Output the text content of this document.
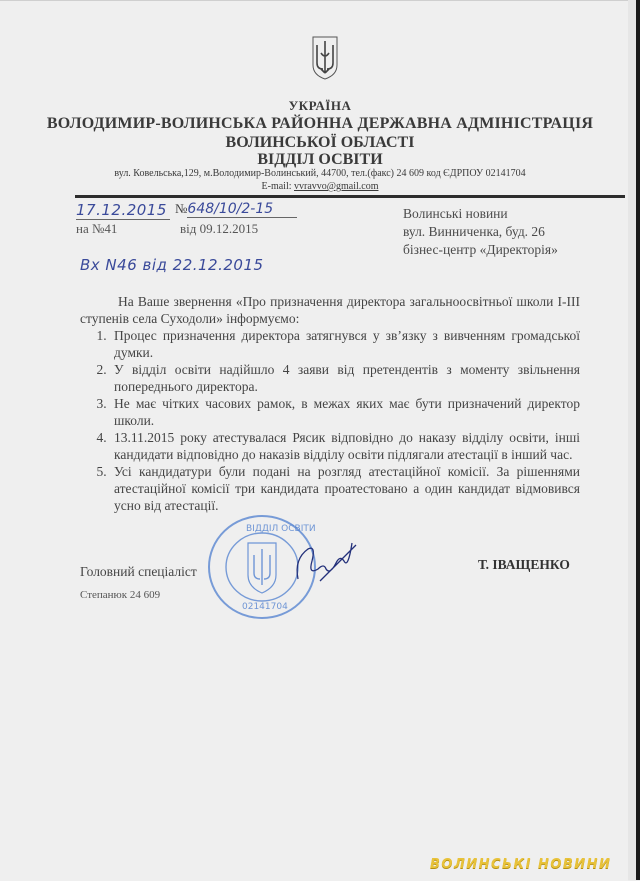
УКРАЇНА
ВОЛОДИМИР-ВОЛИНСЬКА РАЙОННА ДЕРЖАВНА АДМІНІСТРАЦІЯ
ВОЛИНСЬКОЇ ОБЛАСТІ
ВІДДІЛ ОСВІТИ
вул. Ковельська,129, м.Володимир-Волинський, 44700, тел.(факс) 24 609 код ЄДРПОУ 02141704
E-mail: vvravvo@gmail.com
17.12.2015 №648/10/2-15
на №41	від 09.12.2015
Волинські новини
вул. Винниченка, буд. 26
бізнес-центр «Директорія»
Вх N46 від 22.12.2015

На Ваше звернення «Про призначення директора загальноосвітньої школи І-ІІІ ступенів села Суходоли» інформуємо:

1. Процес призначення директора затягнувся у зв’язку з вивченням громадської думки.
2. У відділ освіти надійшло 4 заяви від претендентів з моменту звільнення попереднього директора.
3. Не має чітких часових рамок, в межах яких має бути призначений директор школи.
4. 13.11.2015 року атестувалася Рясик відповідно до наказу відділу освіти, інші кандидати відповідно до наказів відділу освіти підлягали атестації в інший час.
5. Усі кандидатури були подані на розгляд атестаційної комісії. За рішеннями атестаційної комісії три кандидата проатестовано а один кандидат відмовився усно від атестації.
Головний спеціаліст
Степанюк 24 609
Т. ІВАЩЕНКО
ВІДДІЛ ОСВІТИ
02141704
ВОЛИНСЬКІ НОВИНИ
